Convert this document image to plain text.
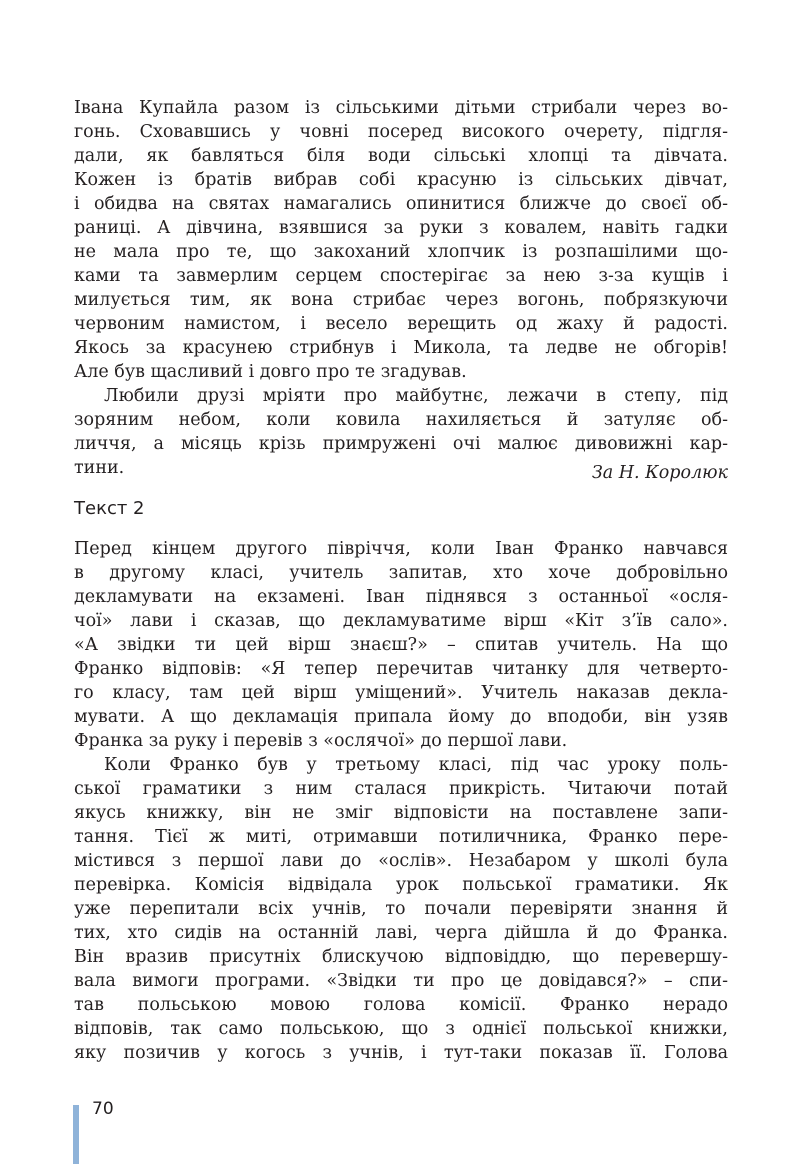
Івана Купайла разом із сільськими дітьми стрибали через во-
гонь. Сховавшись у човні посеред високого очерету, підгля-
дали, як бавляться біля води сільські хлопці та дівчата.
Кожен із братів вибрав собі красуню із сільських дівчат,
і обидва на святах намагались опинитися ближче до своєї об-
раниці. А дівчина, взявшися за руки з ковалем, навіть гадки
не мала про те, що закоханий хлопчик із розпашілими що-
ками та завмерлим серцем спостерігає за нею з-за кущів і
милується тим, як вона стрибає через вогонь, побрязкуючи
червоним намистом, і весело верещить од жаху й радості.
Якось за красунею стрибнув і Микола, та ледве не обгорів!
Але був щасливий і довго про те згадував.

Любили друзі мріяти про майбутнє, лежачи в степу, під
зоряним небом, коли ковила нахиляється й затуляє об-
личчя, а місяць крізь примружені очі малює дивовижні кар-
тини.	За Н. Королюк
Текст 2

Перед кінцем другого півріччя, коли Іван Франко навчався
в другому класі, учитель запитав, хто хоче добровільно
декламувати на екзамені. Іван піднявся з останньої «осля-
чої» лави і сказав, що декламуватиме вірш «Кіт з’їв сало».
«А звідки ти цей вірш знаєш?» – спитав учитель. На що
Франко відповів: «Я тепер перечитав читанку для четверто-
го класу, там цей вірш уміщений». Учитель наказав декла-
мувати. А що декламація припала йому до вподоби, він узяв
Франка за руку і перевів з «ослячої» до першої лави.

Коли Франко був у третьому класі, під час уроку поль-
ської граматики з ним сталася прикрість. Читаючи потай
якусь книжку, він не зміг відповісти на поставлене запи-
тання. Тієї ж миті, отримавши потиличника, Франко пере-
містився з першої лави до «ослів». Незабаром у школі була
перевірка. Комісія відвідала урок польської граматики. Як
уже перепитали всіх учнів, то почали перевіряти знання й
тих, хто сидів на останній лаві, черга дійшла й до Франка.
Він вразив присутніх блискучою відповіддю, що перевершу-
вала вимоги програми. «Звідки ти про це довідався?» – спи-
тав польською мовою голова комісії. Франко нерадо
відповів, так само польською, що з однієї польської книжки,
яку позичив у когось з учнів, і тут-таки показав її. Голова

70
